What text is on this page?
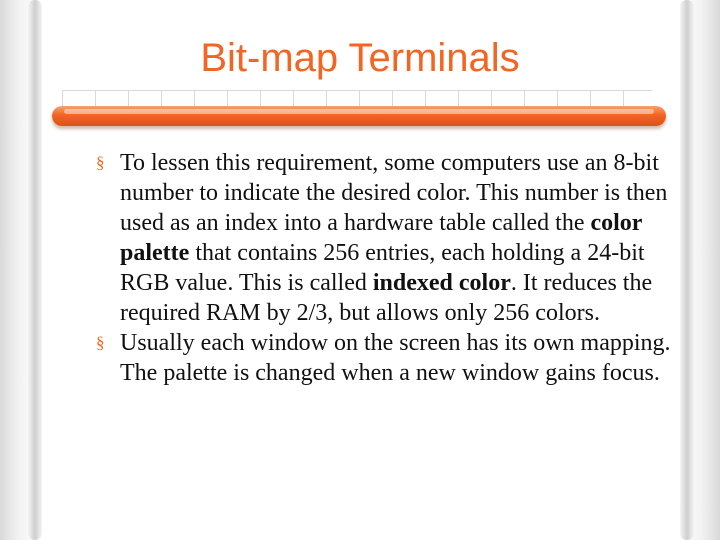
Bit-map Terminals
§ To lessen this requirement, some computers use an 8-bit number to indicate the desired color. This number is then used as an index into a hardware table called the color palette that contains 256 entries, each holding a 24-bit RGB value. This is called indexed color. It reduces the required RAM by 2/3, but allows only 256 colors.
§ Usually each window on the screen has its own mapping. The palette is changed when a new window gains focus.
